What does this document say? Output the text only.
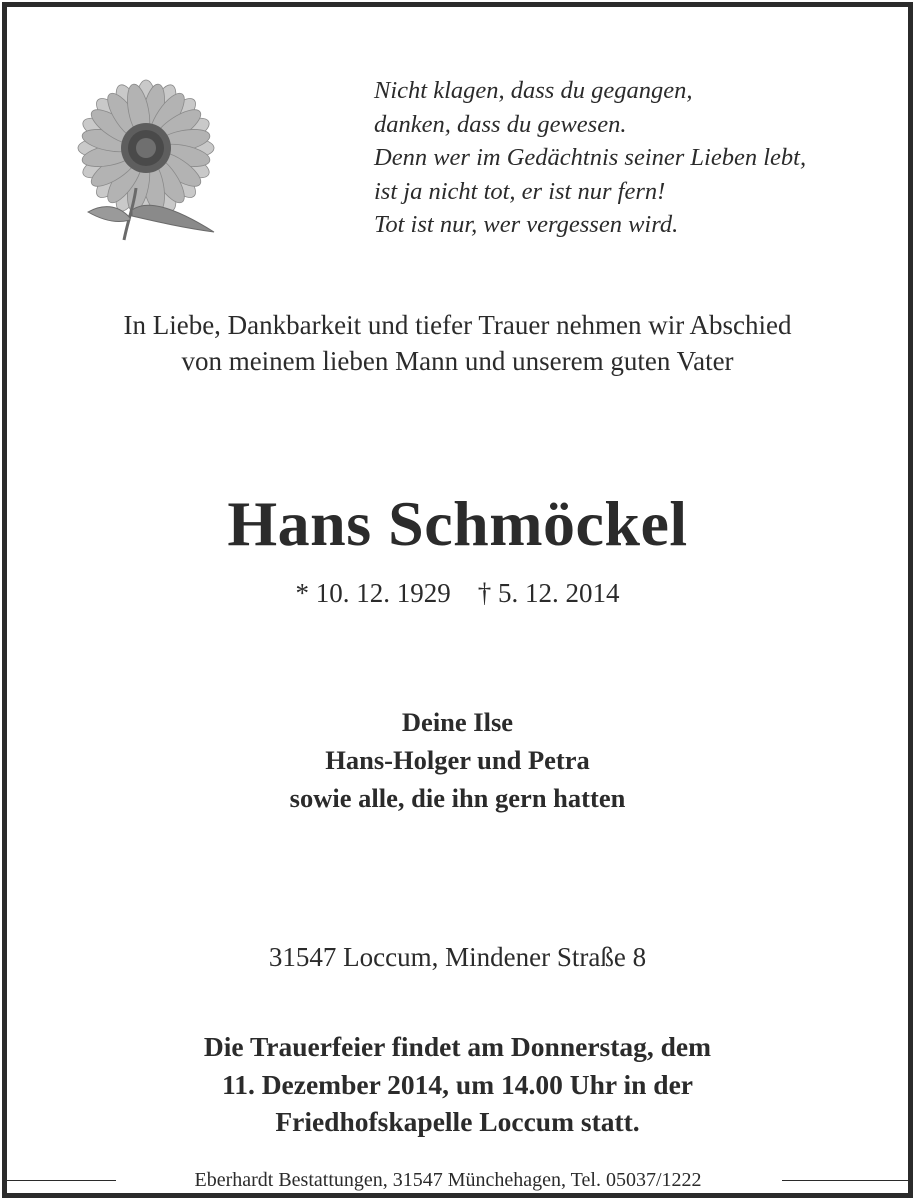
Nicht klagen, dass du gegangen,
danken, dass du gewesen.
Denn wer im Gedächtnis seiner Lieben lebt,
ist ja nicht tot, er ist nur fern!
Tot ist nur, wer vergessen wird.
In Liebe, Dankbarkeit und tiefer Trauer nehmen wir Abschied
von meinem lieben Mann und unserem guten Vater
Hans Schmöckel
* 10. 12. 1929 † 5. 12. 2014
Deine Ilse
Hans-Holger und Petra
sowie alle, die ihn gern hatten
31547 Loccum, Mindener Straße 8
Die Trauerfeier findet am Donnerstag, dem
11. Dezember 2014, um 14.00 Uhr in der
Friedhofskapelle Loccum statt.
Eberhardt Bestattungen, 31547 Münchehagen, Tel. 05037/1222
